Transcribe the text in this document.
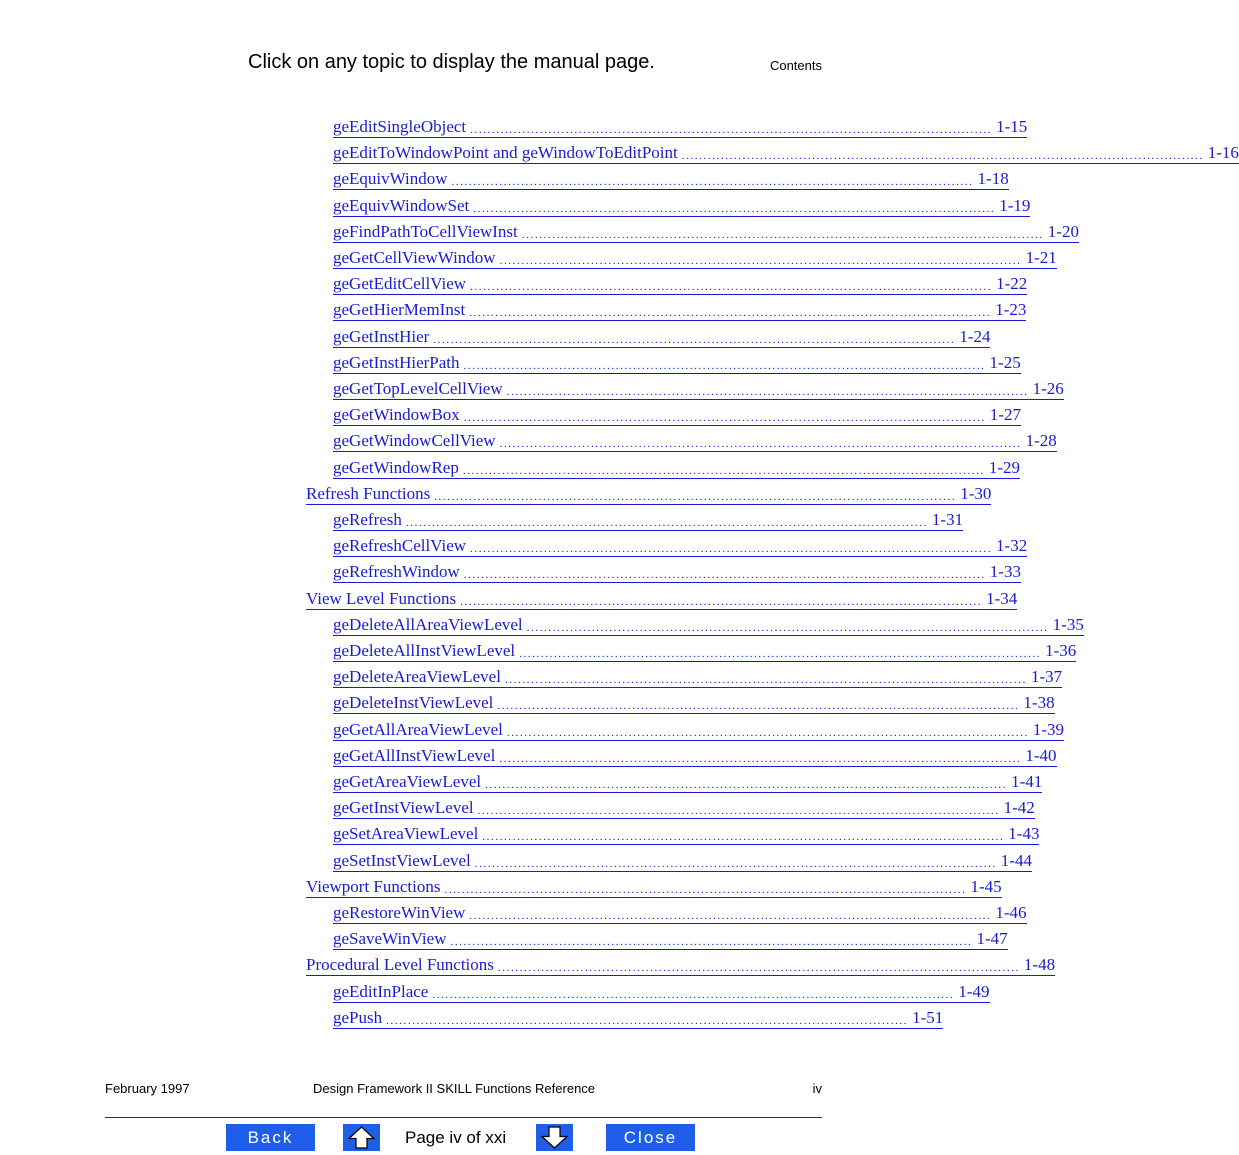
Click on any topic to display the manual page.	Contents
geEditSingleObject ........................................................................................................................ 1-15
geEditToWindowPoint and geWindowToEditPoint ........................................................................................................................ 1-16
geEquivWindow ........................................................................................................................ 1-18
geEquivWindowSet ........................................................................................................................ 1-19
geFindPathToCellViewInst ........................................................................................................................ 1-20
geGetCellViewWindow ........................................................................................................................ 1-21
geGetEditCellView ........................................................................................................................ 1-22
geGetHierMemInst ........................................................................................................................ 1-23
geGetInstHier ........................................................................................................................ 1-24
geGetInstHierPath ........................................................................................................................ 1-25
geGetTopLevelCellView ........................................................................................................................ 1-26
geGetWindowBox ........................................................................................................................ 1-27
geGetWindowCellView ........................................................................................................................ 1-28
geGetWindowRep ........................................................................................................................ 1-29
Refresh Functions ........................................................................................................................ 1-30
geRefresh ........................................................................................................................ 1-31
geRefreshCellView ........................................................................................................................ 1-32
geRefreshWindow ........................................................................................................................ 1-33
View Level Functions ........................................................................................................................ 1-34
geDeleteAllAreaViewLevel ........................................................................................................................ 1-35
geDeleteAllInstViewLevel ........................................................................................................................ 1-36
geDeleteAreaViewLevel ........................................................................................................................ 1-37
geDeleteInstViewLevel ........................................................................................................................ 1-38
geGetAllAreaViewLevel ........................................................................................................................ 1-39
geGetAllInstViewLevel ........................................................................................................................ 1-40
geGetAreaViewLevel ........................................................................................................................ 1-41
geGetInstViewLevel ........................................................................................................................ 1-42
geSetAreaViewLevel ........................................................................................................................ 1-43
geSetInstViewLevel ........................................................................................................................ 1-44
Viewport Functions ........................................................................................................................ 1-45
geRestoreWinView ........................................................................................................................ 1-46
geSaveWinView ........................................................................................................................ 1-47
Procedural Level Functions ........................................................................................................................ 1-48
geEditInPlace ........................................................................................................................ 1-49
gePush ........................................................................................................................ 1-51
February 1997	Design Framework II SKILL Functions Reference	iv
Back	Page iv of xxi	Close
